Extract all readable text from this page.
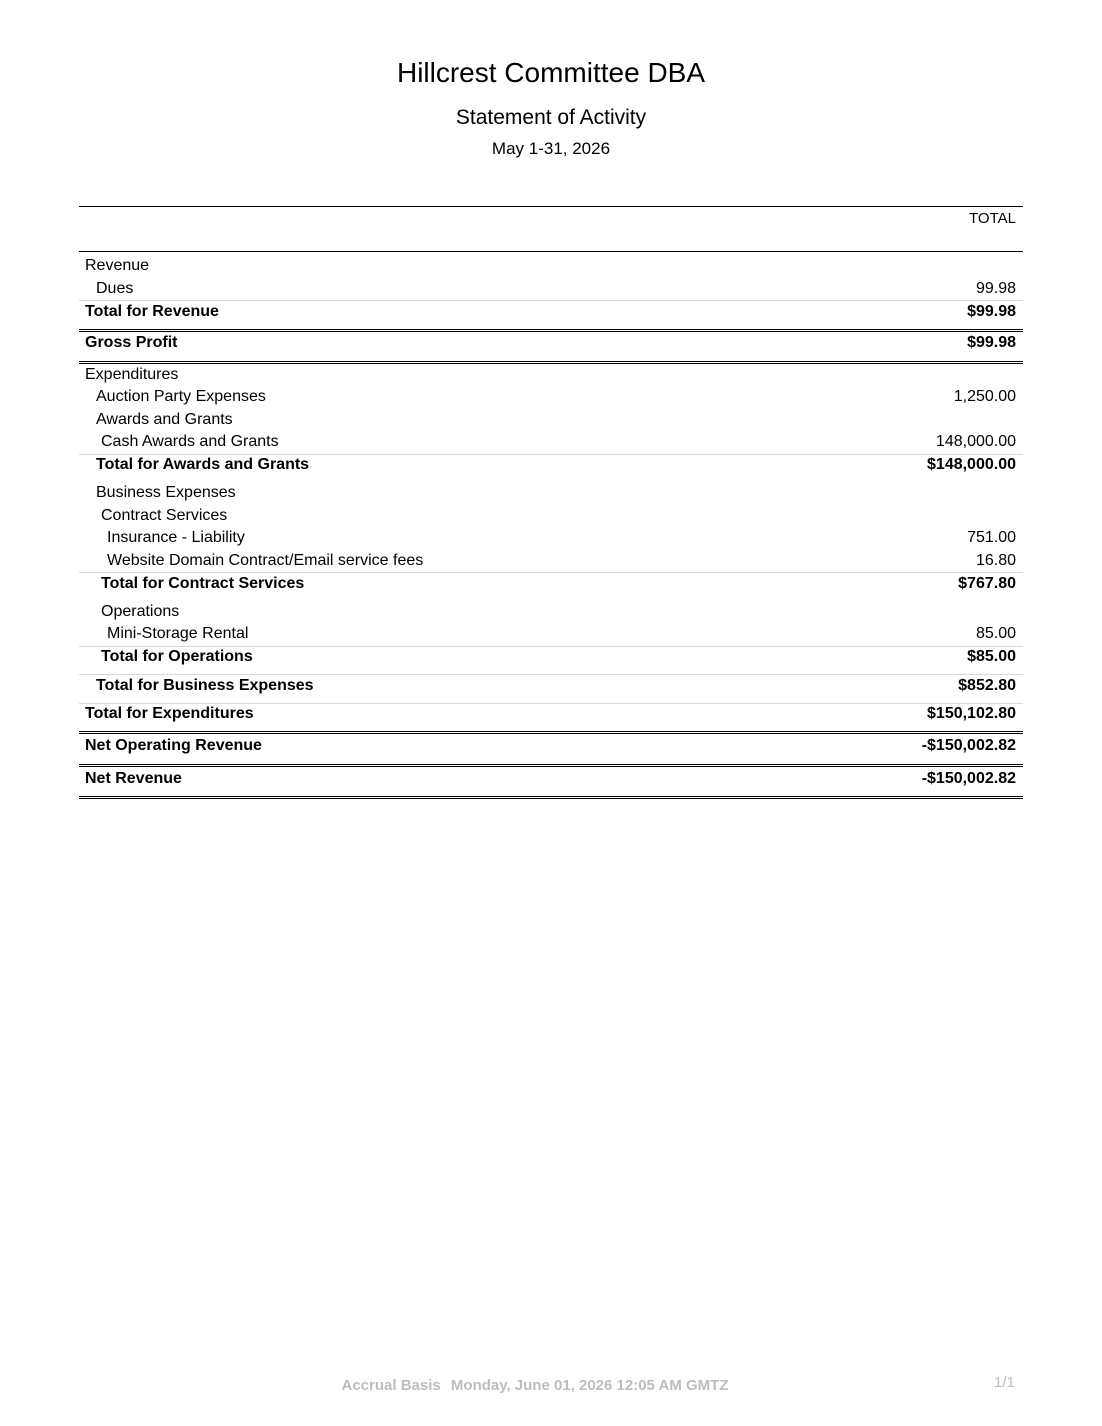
Hillcrest Committee DBA
Statement of Activity
May 1-31, 2026
TOTAL
Revenue
Dues	99.98
Total for Revenue	$99.98
Gross Profit	$99.98
Expenditures
Auction Party Expenses	1,250.00
Awards and Grants
Cash Awards and Grants	148,000.00
Total for Awards and Grants	$148,000.00
Business Expenses
Contract Services
Insurance - Liability	751.00
Website Domain Contract/Email service fees	16.80
Total for Contract Services	$767.80
Operations
Mini-Storage Rental	85.00
Total for Operations	$85.00
Total for Business Expenses	$852.80
Total for Expenditures	$150,102.80
Net Operating Revenue	-$150,002.82
Net Revenue	-$150,002.82
Accrual Basis Monday, June 01, 2026 12:05 AM GMTZ	1/1
